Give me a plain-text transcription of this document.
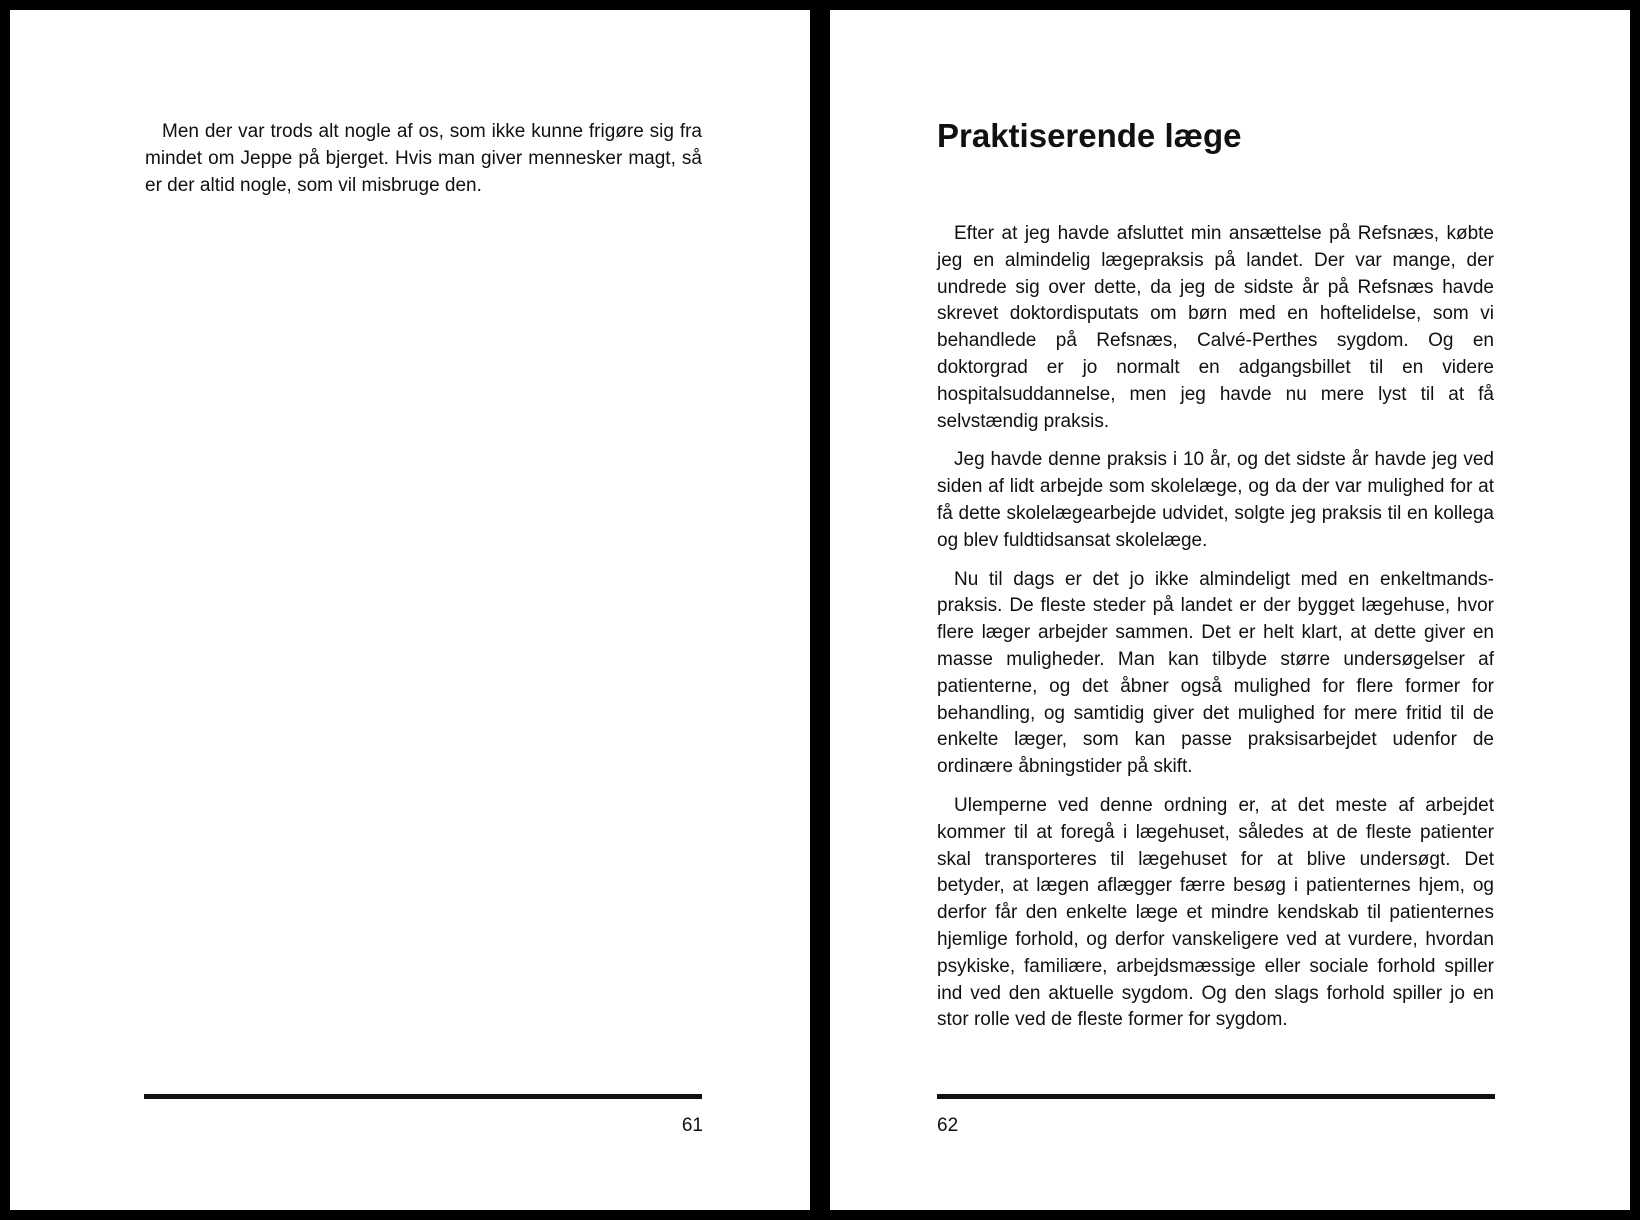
Men der var trods alt nogle af os, som ikke kunne frigøre sig fra mindet om Jeppe på bjerget. Hvis man giver mennesker magt, så er der altid nogle, som vil misbruge den.

61
Praktiserende læge

Efter at jeg havde afsluttet min ansættelse på Refsnæs, købte jeg en almindelig lægepraksis på landet. Der var mange, der undrede sig over dette, da jeg de sidste år på Refsnæs havde skrevet doktordisputats om børn med en hoftelidelse, som vi behandlede på Refsnæs, Calvé-Perthes sygdom. Og en doktorgrad er jo normalt en adgangsbillet til en videre hospitalsuddannelse, men jeg havde nu mere lyst til at få selvstændig praksis.

Jeg havde denne praksis i 10 år, og det sidste år havde jeg ved siden af lidt arbejde som skolelæge, og da der var mulighed for at få dette skolelægearbejde udvidet, solgte jeg praksis til en kollega og blev fuldtidsansat skolelæge.

Nu til dags er det jo ikke almindeligt med en enkeltmandspraksis. De fleste steder på landet er der bygget lægehuse, hvor flere læger arbejder sammen. Det er helt klart, at dette giver en masse muligheder. Man kan tilbyde større undersøgelser af patienterne, og det åbner også mulighed for flere former for behandling, og samtidig giver det mulighed for mere fritid til de enkelte læger, som kan passe praksisarbejdet udenfor de ordinære åbningstider på skift.

Ulemperne ved denne ordning er, at det meste af arbejdet kommer til at foregå i lægehuset, således at de fleste patienter skal transporteres til lægehuset for at blive undersøgt. Det betyder, at lægen aflægger færre besøg i patienternes hjem, og derfor får den enkelte læge et mindre kendskab til patienternes hjemlige forhold, og derfor vanskeligere ved at vurdere, hvordan psykiske, familiære, arbejdsmæssige eller sociale forhold spiller ind ved den aktuelle sygdom. Og den slags forhold spiller jo en stor rolle ved de fleste former for sygdom.

62
